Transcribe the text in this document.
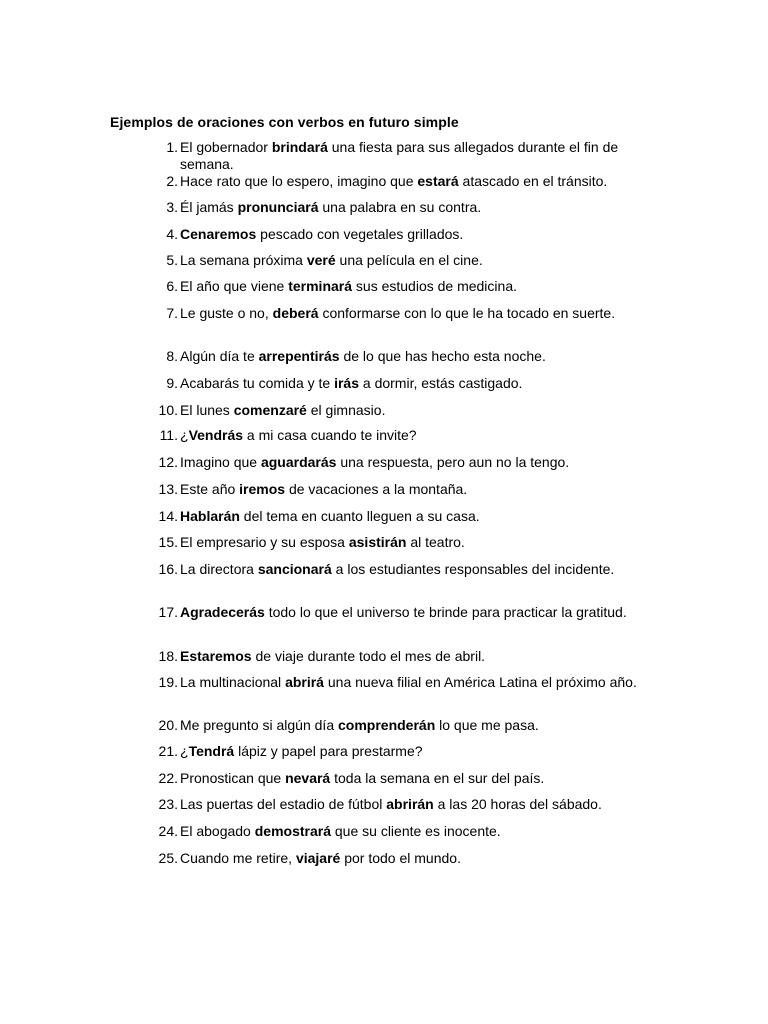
Ejemplos de oraciones con verbos en futuro simple
1. El gobernador brindará una fiesta para sus allegados durante el fin de semana.
2. Hace rato que lo espero, imagino que estará atascado en el tránsito.
3. Él jamás pronunciará una palabra en su contra.
4. Cenaremos pescado con vegetales grillados.
5. La semana próxima veré una película en el cine.
6. El año que viene terminará sus estudios de medicina.
7. Le guste o no, deberá conformarse con lo que le ha tocado en suerte.
8. Algún día te arrepentirás de lo que has hecho esta noche.
9. Acabarás tu comida y te irás a dormir, estás castigado.
10. El lunes comenzaré el gimnasio.
11. ¿Vendrás a mi casa cuando te invite?
12. Imagino que aguardarás una respuesta, pero aun no la tengo.
13. Este año iremos de vacaciones a la montaña.
14. Hablarán del tema en cuanto lleguen a su casa.
15. El empresario y su esposa asistirán al teatro.
16. La directora sancionará a los estudiantes responsables del incidente.
17. Agradecerás todo lo que el universo te brinde para practicar la gratitud.
18. Estaremos de viaje durante todo el mes de abril.
19. La multinacional abrirá una nueva filial en América Latina el próximo año.
20. Me pregunto si algún día comprenderán lo que me pasa.
21. ¿Tendrá lápiz y papel para prestarme?
22. Pronostican que nevará toda la semana en el sur del país.
23. Las puertas del estadio de fútbol abrirán a las 20 horas del sábado.
24. El abogado demostrará que su cliente es inocente.
25. Cuando me retire, viajaré por todo el mundo.
